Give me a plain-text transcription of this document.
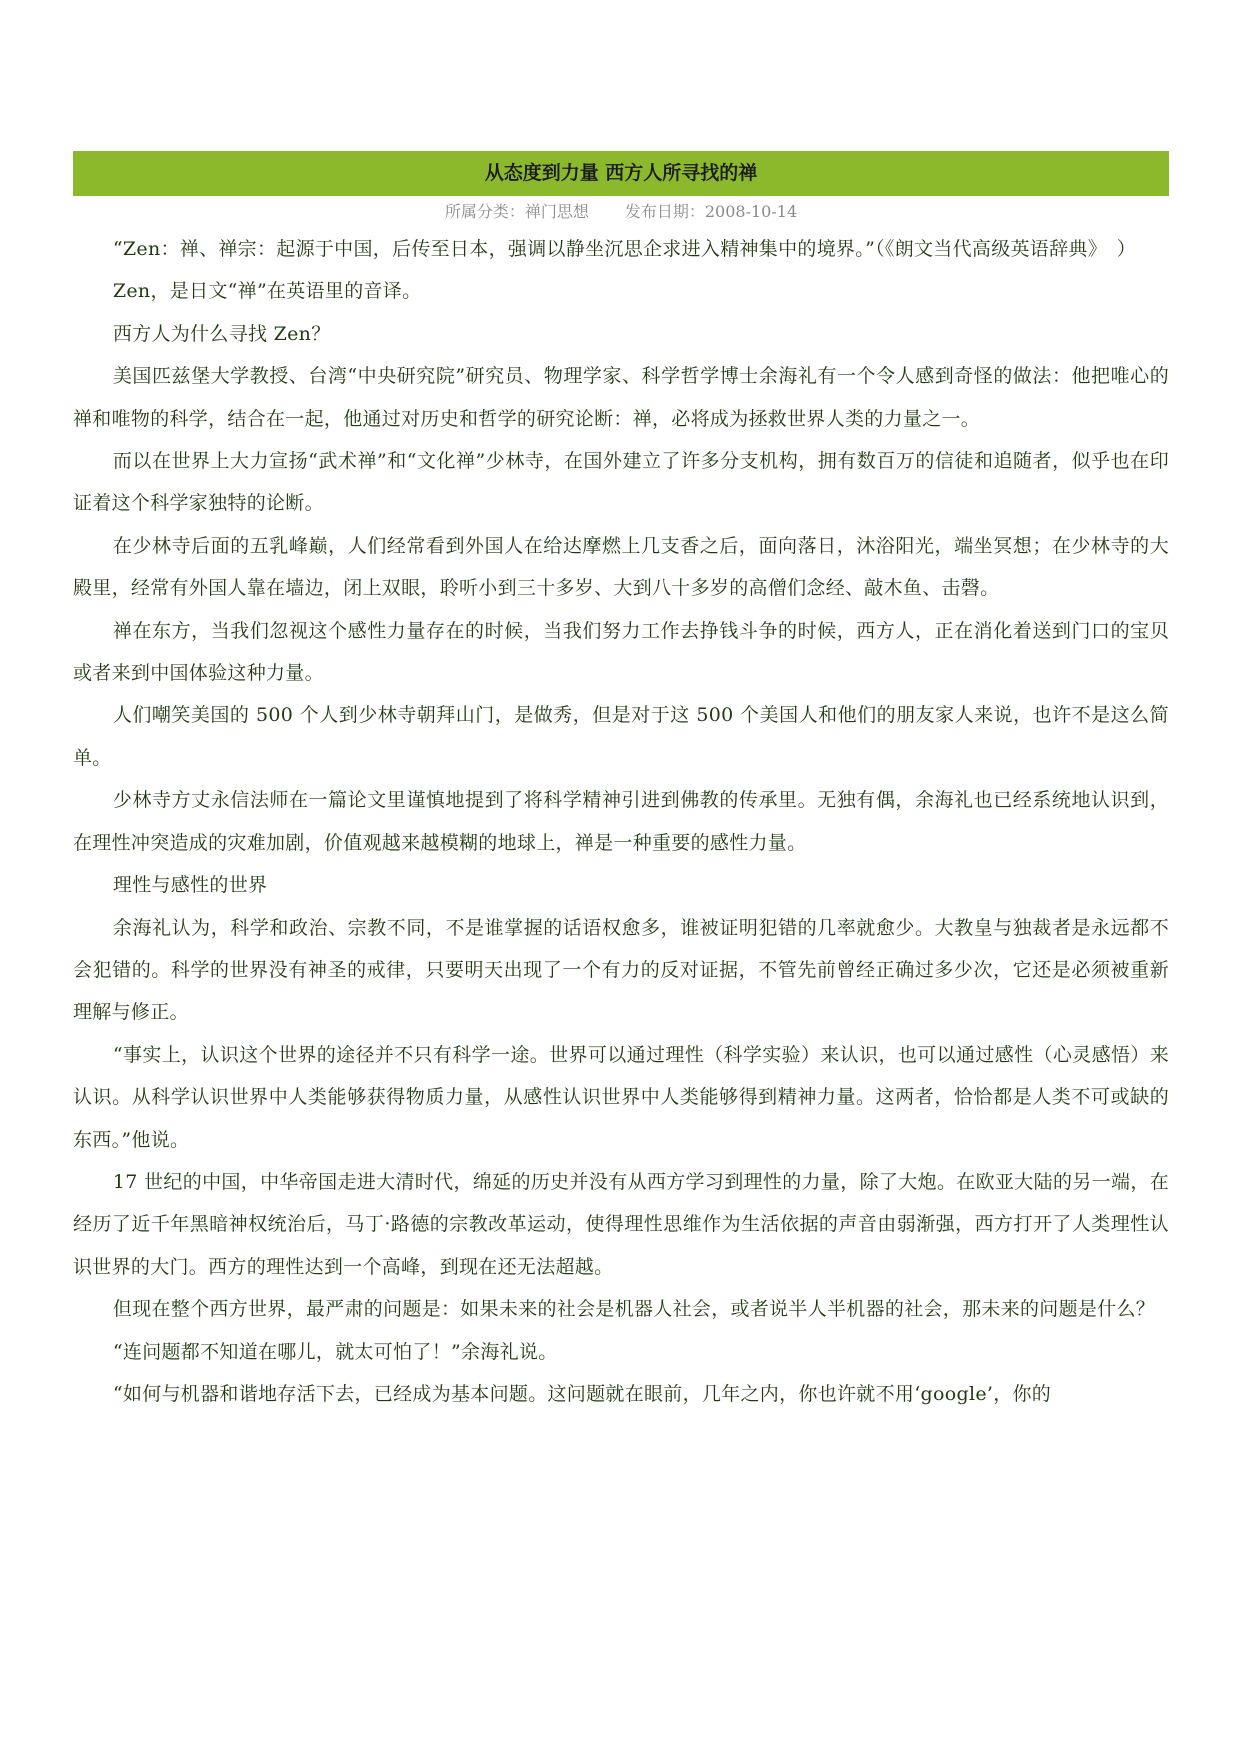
从态度到力量 西方人所寻找的禅
所属分类：禅门思想 发布日期：2008-10-14

“Zen：禅、禅宗：起源于中国，后传至日本，强调以静坐沉思企求进入精神集中的境界。”（《朗文当代高级英语辞典》　）

Zen，是日文“禅”在英语里的音译。

西方人为什么寻找 Zen？

美国匹兹堡大学教授、台湾“中央研究院”研究员、物理学家、科学哲学博士余海礼有一个令人感到奇怪的做法：他把唯心的禅和唯物的科学，结合在一起，他通过对历史和哲学的研究论断：禅，必将成为拯救世界人类的力量之一。

而以在世界上大力宣扬“武术禅”和“文化禅”少林寺，在国外建立了许多分支机构，拥有数百万的信徒和追随者，似乎也在印证着这个科学家独特的论断。

在少林寺后面的五乳峰巅，人们经常看到外国人在给达摩燃上几支香之后，面向落日，沐浴阳光，端坐冥想；在少林寺的大殿里，经常有外国人靠在墙边，闭上双眼，聆听小到三十多岁、大到八十多岁的高僧们念经、敲木鱼、击磬。

禅在东方，当我们忽视这个感性力量存在的时候，当我们努力工作去挣钱斗争的时候，西方人，正在消化着送到门口的宝贝或者来到中国体验这种力量。

人们嘲笑美国的 500 个人到少林寺朝拜山门，是做秀，但是对于这 500 个美国人和他们的朋友家人来说，也许不是这么简单。

少林寺方丈永信法师在一篇论文里谨慎地提到了将科学精神引进到佛教的传承里。无独有偶，余海礼也已经系统地认识到，在理性冲突造成的灾难加剧，价值观越来越模糊的地球上，禅是一种重要的感性力量。

理性与感性的世界

余海礼认为，科学和政治、宗教不同，不是谁掌握的话语权愈多，谁被证明犯错的几率就愈少。大教皇与独裁者是永远都不会犯错的。科学的世界没有神圣的戒律，只要明天出现了一个有力的反对证据，不管先前曾经正确过多少次，它还是必须被重新理解与修正。

“事实上，认识这个世界的途径并不只有科学一途。世界可以通过理性（科学实验）来认识，也可以通过感性（心灵感悟）来认识。从科学认识世界中人类能够获得物质力量，从感性认识世界中人类能够得到精神力量。这两者，恰恰都是人类不可或缺的东西。”他说。

17 世纪的中国，中华帝国走进大清时代，绵延的历史并没有从西方学习到理性的力量，除了大炮。在欧亚大陆的另一端，在经历了近千年黑暗神权统治后，马丁·路德的宗教改革运动，使得理性思维作为生活依据的声音由弱渐强，西方打开了人类理性认识世界的大门。西方的理性达到一个高峰，到现在还无法超越。

但现在整个西方世界，最严肃的问题是：如果未来的社会是机器人社会，或者说半人半机器的社会，那未来的问题是什么？

“连问题都不知道在哪儿，就太可怕了！”余海礼说。

“如何与机器和谐地存活下去，已经成为基本问题。这问题就在眼前，几年之内，你也许就不用‘google’，你的
